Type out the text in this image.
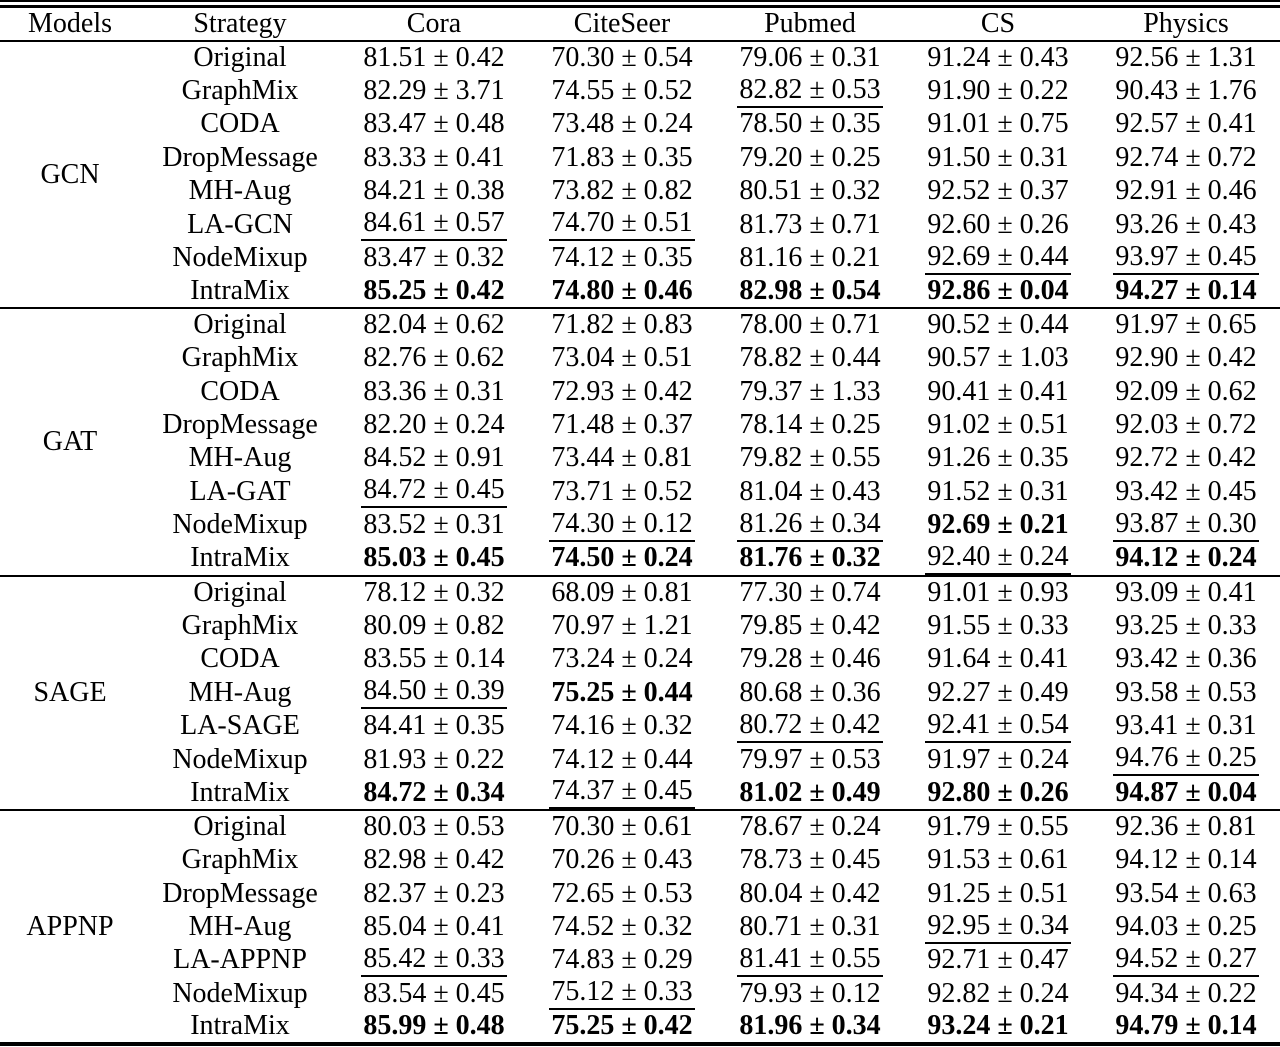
Models	Strategy	Cora	CiteSeer	Pubmed	CS	Physics
GCN	Original	81.51 ± 0.42	70.30 ± 0.54	79.06 ± 0.31	91.24 ± 0.43	92.56 ± 1.31
	GraphMix	82.29 ± 3.71	74.55 ± 0.52	82.82 ± 0.53	91.90 ± 0.22	90.43 ± 1.76
	CODA	83.47 ± 0.48	73.48 ± 0.24	78.50 ± 0.35	91.01 ± 0.75	92.57 ± 0.41
	DropMessage	83.33 ± 0.41	71.83 ± 0.35	79.20 ± 0.25	91.50 ± 0.31	92.74 ± 0.72
	MH-Aug	84.21 ± 0.38	73.82 ± 0.82	80.51 ± 0.32	92.52 ± 0.37	92.91 ± 0.46
	LA-GCN	84.61 ± 0.57	74.70 ± 0.51	81.73 ± 0.71	92.60 ± 0.26	93.26 ± 0.43
	NodeMixup	83.47 ± 0.32	74.12 ± 0.35	81.16 ± 0.21	92.69 ± 0.44	93.97 ± 0.45
	IntraMix	85.25 ± 0.42	74.80 ± 0.46	82.98 ± 0.54	92.86 ± 0.04	94.27 ± 0.14
GAT	Original	82.04 ± 0.62	71.82 ± 0.83	78.00 ± 0.71	90.52 ± 0.44	91.97 ± 0.65
	GraphMix	82.76 ± 0.62	73.04 ± 0.51	78.82 ± 0.44	90.57 ± 1.03	92.90 ± 0.42
	CODA	83.36 ± 0.31	72.93 ± 0.42	79.37 ± 1.33	90.41 ± 0.41	92.09 ± 0.62
	DropMessage	82.20 ± 0.24	71.48 ± 0.37	78.14 ± 0.25	91.02 ± 0.51	92.03 ± 0.72
	MH-Aug	84.52 ± 0.91	73.44 ± 0.81	79.82 ± 0.55	91.26 ± 0.35	92.72 ± 0.42
	LA-GAT	84.72 ± 0.45	73.71 ± 0.52	81.04 ± 0.43	91.52 ± 0.31	93.42 ± 0.45
	NodeMixup	83.52 ± 0.31	74.30 ± 0.12	81.26 ± 0.34	92.69 ± 0.21	93.87 ± 0.30
	IntraMix	85.03 ± 0.45	74.50 ± 0.24	81.76 ± 0.32	92.40 ± 0.24	94.12 ± 0.24
SAGE	Original	78.12 ± 0.32	68.09 ± 0.81	77.30 ± 0.74	91.01 ± 0.93	93.09 ± 0.41
	GraphMix	80.09 ± 0.82	70.97 ± 1.21	79.85 ± 0.42	91.55 ± 0.33	93.25 ± 0.33
	CODA	83.55 ± 0.14	73.24 ± 0.24	79.28 ± 0.46	91.64 ± 0.41	93.42 ± 0.36
	MH-Aug	84.50 ± 0.39	75.25 ± 0.44	80.68 ± 0.36	92.27 ± 0.49	93.58 ± 0.53
	LA-SAGE	84.41 ± 0.35	74.16 ± 0.32	80.72 ± 0.42	92.41 ± 0.54	93.41 ± 0.31
	NodeMixup	81.93 ± 0.22	74.12 ± 0.44	79.97 ± 0.53	91.97 ± 0.24	94.76 ± 0.25
	IntraMix	84.72 ± 0.34	74.37 ± 0.45	81.02 ± 0.49	92.80 ± 0.26	94.87 ± 0.04
APPNP	Original	80.03 ± 0.53	70.30 ± 0.61	78.67 ± 0.24	91.79 ± 0.55	92.36 ± 0.81
	GraphMix	82.98 ± 0.42	70.26 ± 0.43	78.73 ± 0.45	91.53 ± 0.61	94.12 ± 0.14
	DropMessage	82.37 ± 0.23	72.65 ± 0.53	80.04 ± 0.42	91.25 ± 0.51	93.54 ± 0.63
	MH-Aug	85.04 ± 0.41	74.52 ± 0.32	80.71 ± 0.31	92.95 ± 0.34	94.03 ± 0.25
	LA-APPNP	85.42 ± 0.33	74.83 ± 0.29	81.41 ± 0.55	92.71 ± 0.47	94.52 ± 0.27
	NodeMixup	83.54 ± 0.45	75.12 ± 0.33	79.93 ± 0.12	92.82 ± 0.24	94.34 ± 0.22
	IntraMix	85.99 ± 0.48	75.25 ± 0.42	81.96 ± 0.34	93.24 ± 0.21	94.79 ± 0.14
